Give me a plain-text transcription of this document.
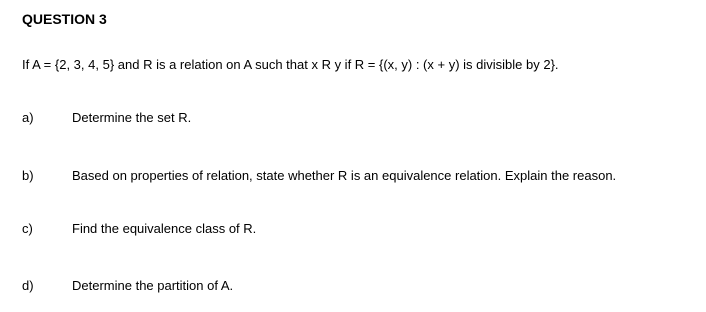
QUESTION 3
If A = {2, 3, 4, 5} and R is a relation on A such that x R y if R = {(x, y) : (x + y) is divisible by 2}.
a)	Determine the set R.
b)	Based on properties of relation, state whether R is an equivalence relation. Explain the reason.
c)	Find the equivalence class of R.
d)	Determine the partition of A.
